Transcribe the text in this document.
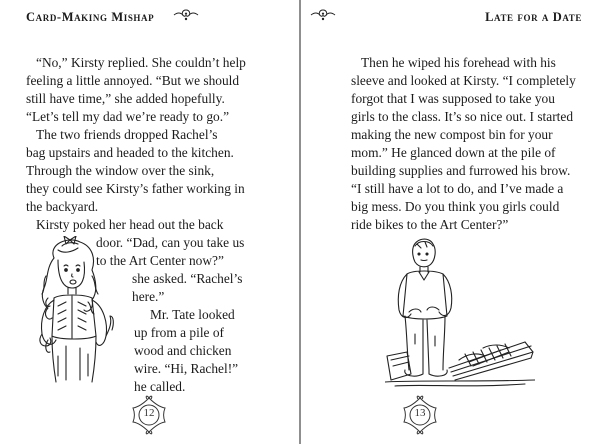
Card-Making Mishap
“No,” Kirsty replied. She couldn’t help
feeling a little annoyed. “But we should
still have time,” she added hopefully.
“Let’s tell my dad we’re ready to go.”
The two friends dropped Rachel’s
bag upstairs and headed to the kitchen.
Through the window over the sink,
they could see Kirsty’s father working in
the backyard.
Kirsty poked her head out the back
door. “Dad, can you take us
to the Art Center now?”
she asked. “Rachel’s
here.”
Mr. Tate looked
up from a pile of
wood and chicken
wire. “Hi, Rachel!”
he called.
12
Late for a Date
Then he wiped his forehead with his
sleeve and looked at Kirsty. “I completely
forgot that I was supposed to take you
girls to the class. It’s so nice out. I started
making the new compost bin for your
mom.” He glanced down at the pile of
building supplies and furrowed his brow.
“I still have a lot to do, and I’ve made a
big mess. Do you think you girls could
ride bikes to the Art Center?”
13
